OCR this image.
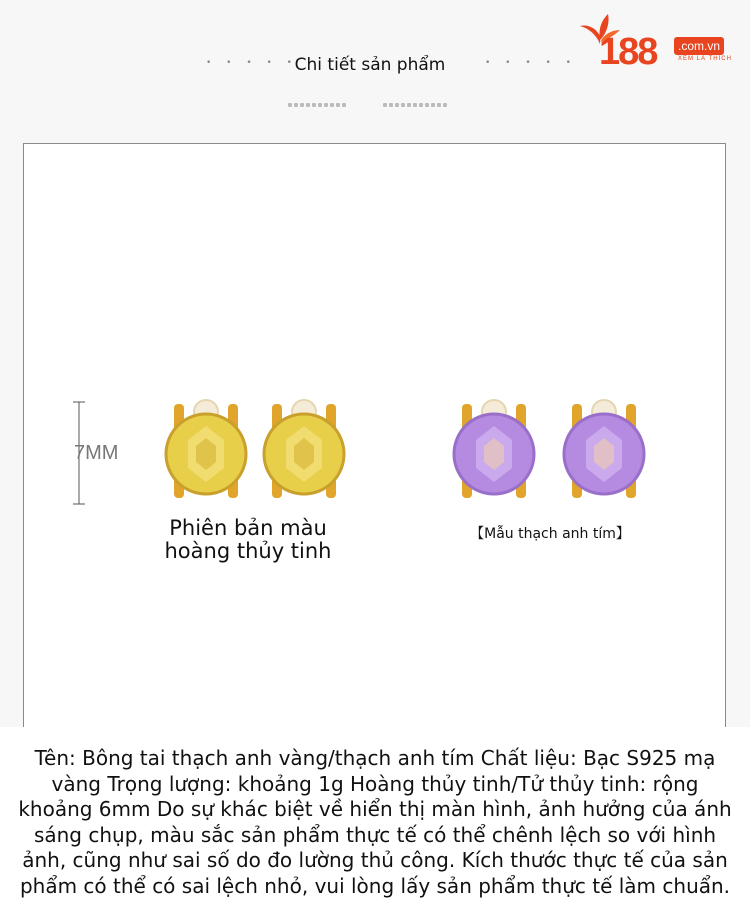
• • • • •
Chi tiết sản phẩm	• • • • • 188	.com.vn
XEM LÀ THÍCH
7MM
Phiên bản màu hoàng thủy tinh
【Mẫu thạch anh tím】
Tên: Bông tai thạch anh vàng/thạch anh tím Chất liệu: Bạc S925 mạ vàng Trọng lượng: khoảng 1g Hoàng thủy tinh/Tử thủy tinh: rộng khoảng 6mm Do sự khác biệt về hiển thị màn hình, ảnh hưởng của ánh sáng chụp, màu sắc sản phẩm thực tế có thể chênh lệch so với hình ảnh, cũng như sai số do đo lường thủ công. Kích thước thực tế của sản phẩm có thể có sai lệch nhỏ, vui lòng lấy sản phẩm thực tế làm chuẩn.
